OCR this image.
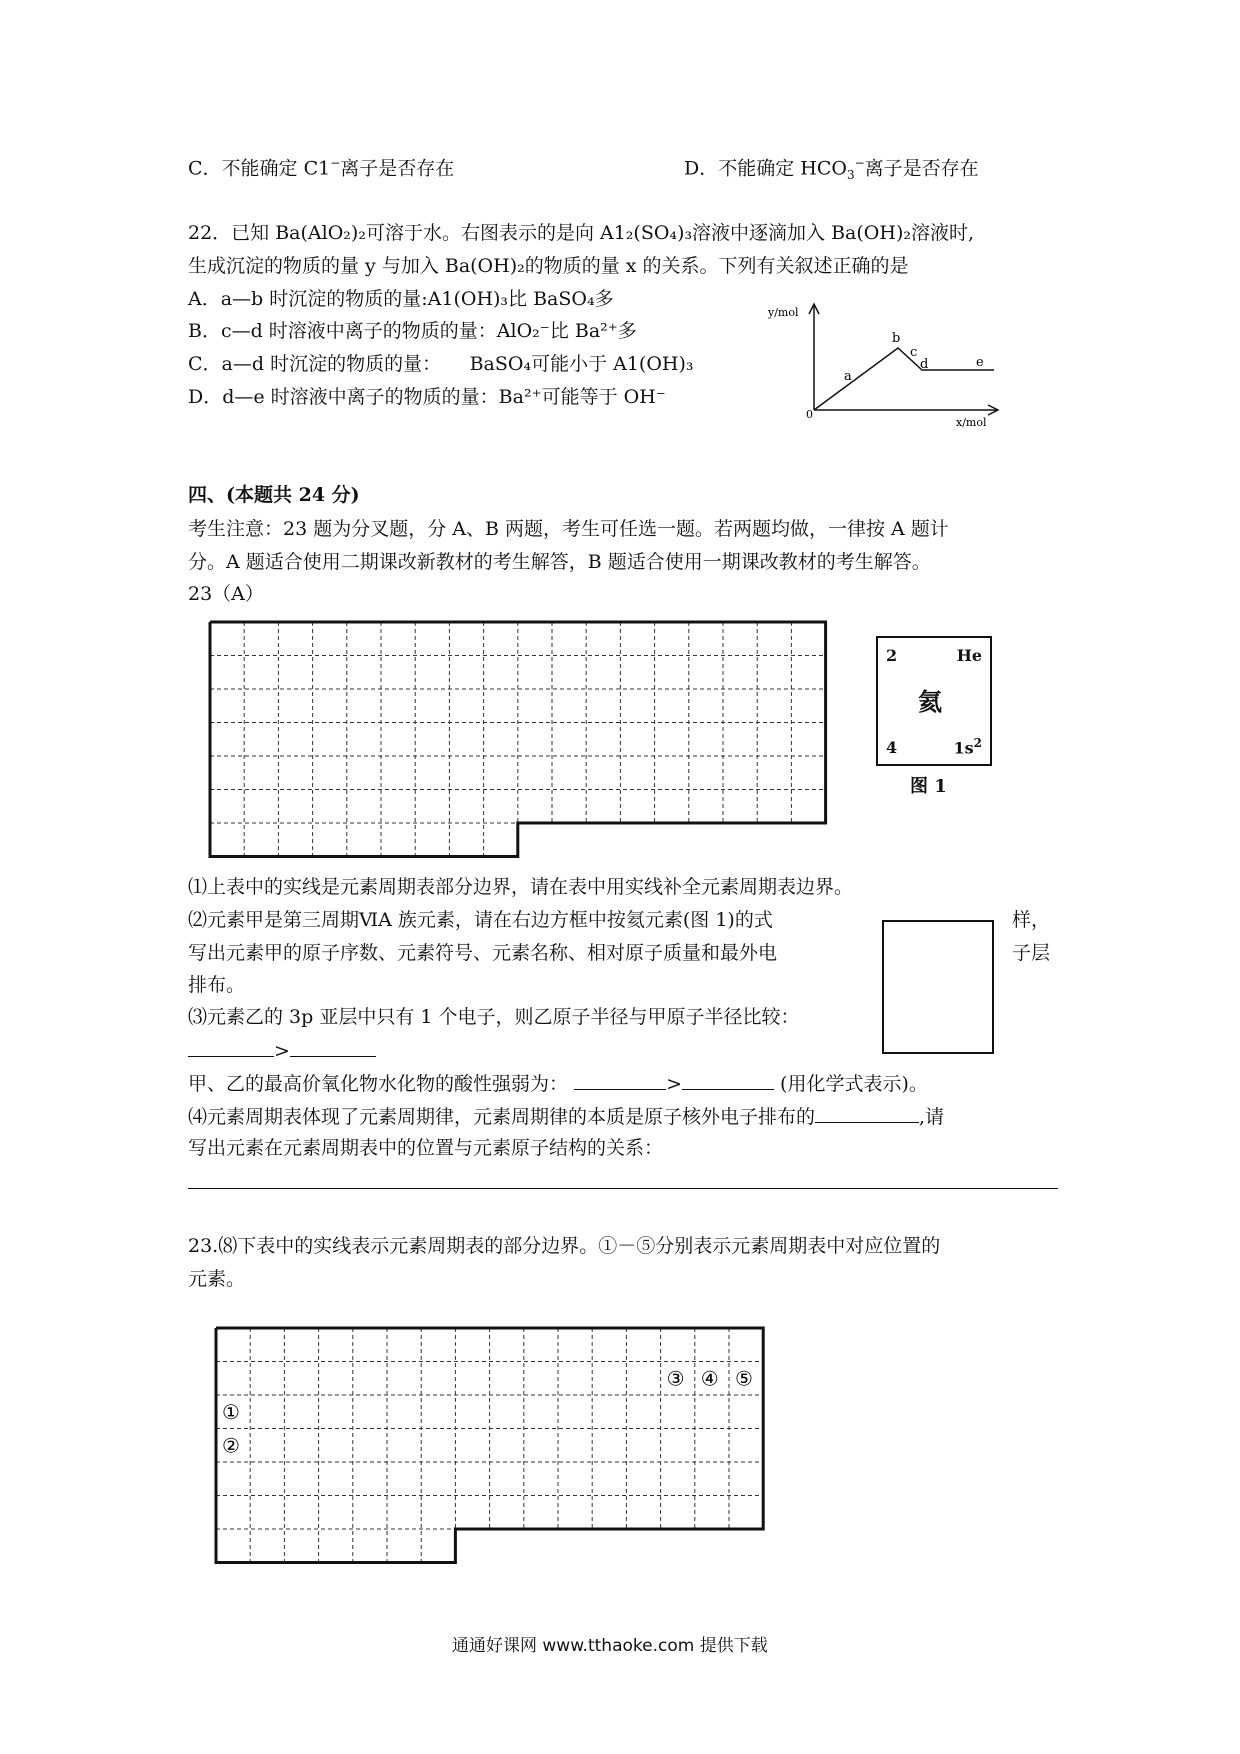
C．不能确定 C1−离子是否存在	D．不能确定 $HCO_3^-$离子是否存在
22．已知 Ba(AlO₂)₂可溶于水。右图表示的是向 A1₂(SO₄)₃溶液中逐滴加入 Ba(OH)₂溶液时,
生成沉淀的物质的量 y 与加入 Ba(OH)₂的物质的量 x 的关系。下列有关叙述正确的是
A．a—b 时沉淀的物质的量:A1(OH)₃比 BaSO₄多
B．c—d 时溶液中离子的物质的量：AlO₂⁻比 Ba²⁺多
C．a—d 时沉淀的物质的量：　　BaSO₄可能小于 A1(OH)₃
D．d—e 时溶液中离子的物质的量：Ba²⁺可能等于 OH⁻
y/mol
x/mol
0
a
b
c
d	e
四、(本题共 24 分)
考生注意：23 题为分叉题，分 A、B 两题，考生可任选一题。若两题均做，一律按 A 题计
分。A 题适合使用二期课改新教材的考生解答，B 题适合使用一期课改教材的考生解答。
23（A）
2	He
氦
4	$1s^2$
图 1
⑴上表中的实线是元素周期表部分边界，请在表中用实线补全元素周期表边界。
⑵元素甲是第三周期ⅥA 族元素，请在右边方框中按氦元素(图 1)的式	样，
写出元素甲的原子序数、元素符号、元素名称、相对原子质量和最外电	子层
排布。
⑶元素乙的 3p 亚层中只有 1 个电子，则乙原子半径与甲原子半径比较：
>
甲、乙的最高价氧化物水化物的酸性强弱为：	>	(用化学式表示)。
⑷元素周期表体现了元素周期律，元素周期律的本质是原子核外电子排布的	,请
写出元素在元素周期表中的位置与元素原子结构的关系：
23.⑻下表中的实线表示元素周期表的部分边界。①－⑤分别表示元素周期表中对应位置的
元素。
①
②
③ ④ ⑤
通通好课网 www.tthaoke.com 提供下载
